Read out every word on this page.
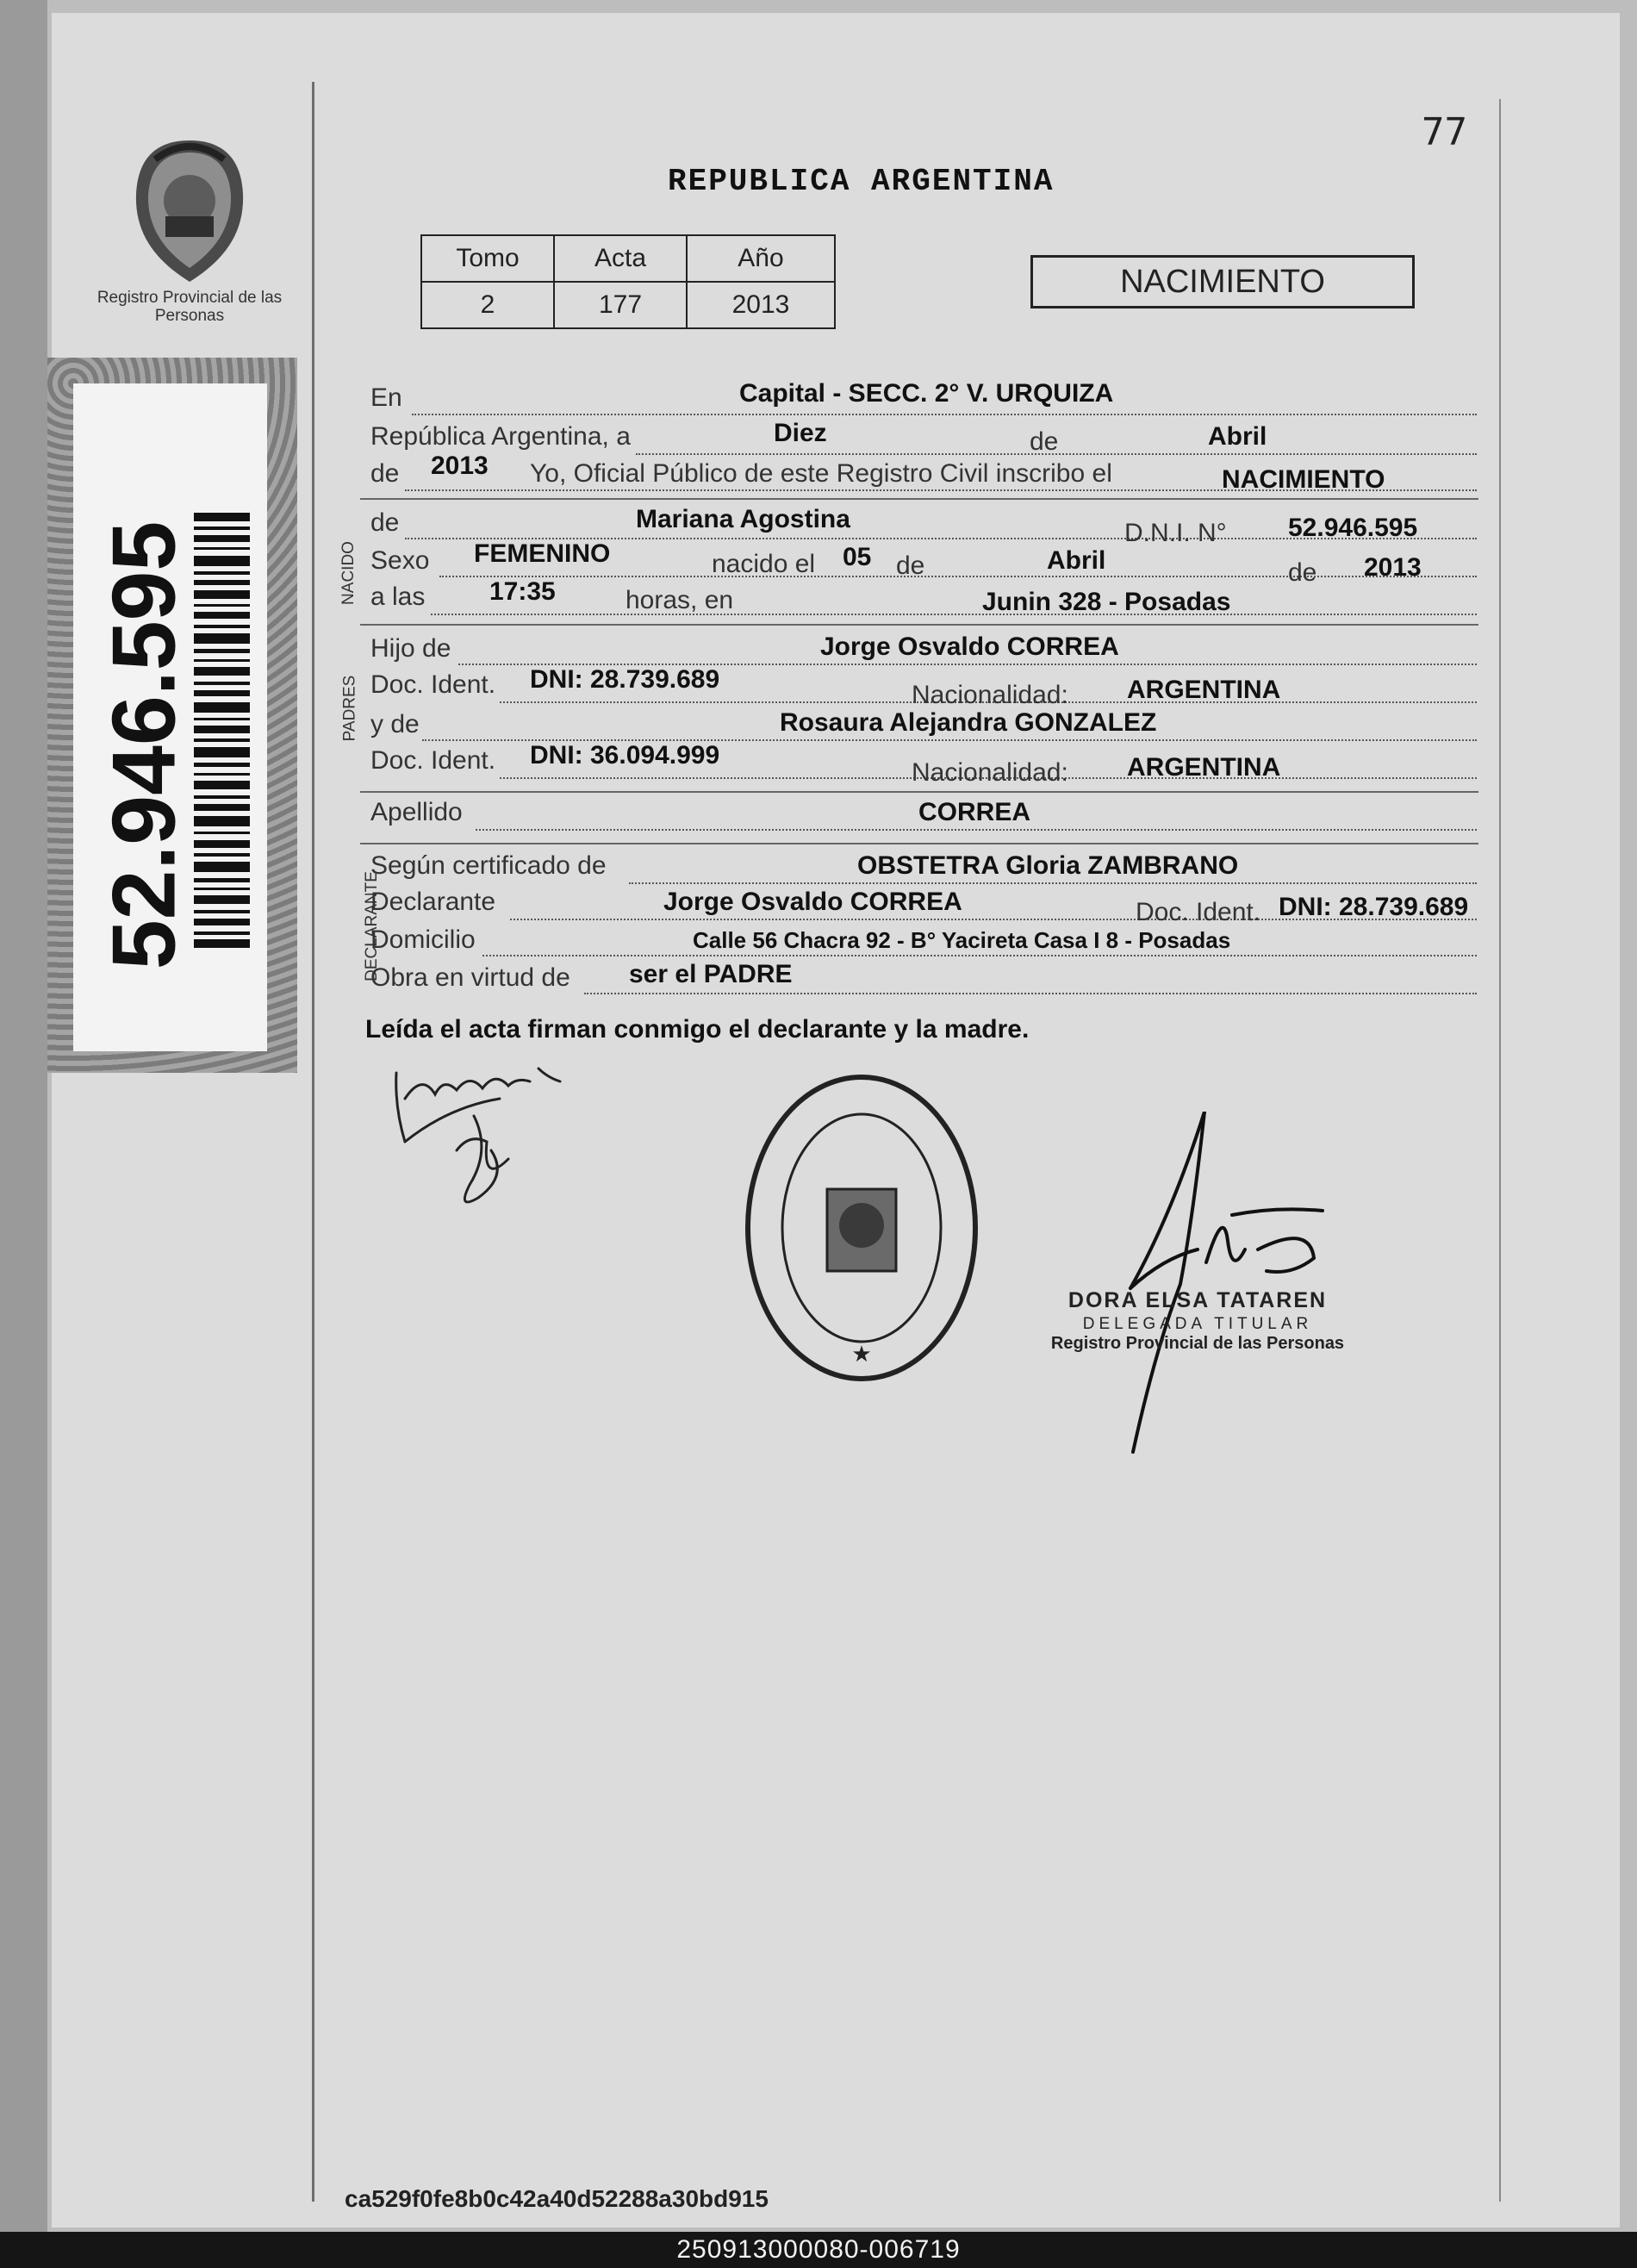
Registro Provincial de las Personas
52.946.595
77
REPUBLICA ARGENTINA
Tomo	Acta	Año
2	177	2013
NACIMIENTO
En	Capital - SECC. 2° V. URQUIZA
República Argentina, a	Diez	de	Abril
de 2013 Yo, Oficial Público de este Registro Civil inscribo el	NACIMIENTO
NACIDO
de	Mariana Agostina	D.N.I. N° 52.946.595
Sexo FEMENINO	nacido el 05 de	Abril	de 2013
a las 17:35	horas, en	Junin 328 - Posadas
PADRES
Hijo de	Jorge Osvaldo CORREA
Doc. Ident. DNI: 28.739.689
Nacionalidad: ARGENTINA
y de	Rosaura Alejandra GONZALEZ
Doc. Ident. DNI: 36.094.999
Nacionalidad: ARGENTINA
Apellido	CORREA
DECLARANTE
Según certificado de	OBSTETRA Gloria ZAMBRANO
Declarante	Jorge Osvaldo CORREA	Doc. Ident. DNI: 28.739.689
Domicilio	Calle 56 Chacra 92 - B° Yacireta Casa I 8 - Posadas
Obra en virtud de ser el PADRE
Leída el acta firman conmigo el declarante y la madre.
★
DORA ELSA TATAREN
DELEGADA TITULAR
Registro Provincial de las Personas
ca529f0fe8b0c42a40d52288a30bd915
250913000080-006719
